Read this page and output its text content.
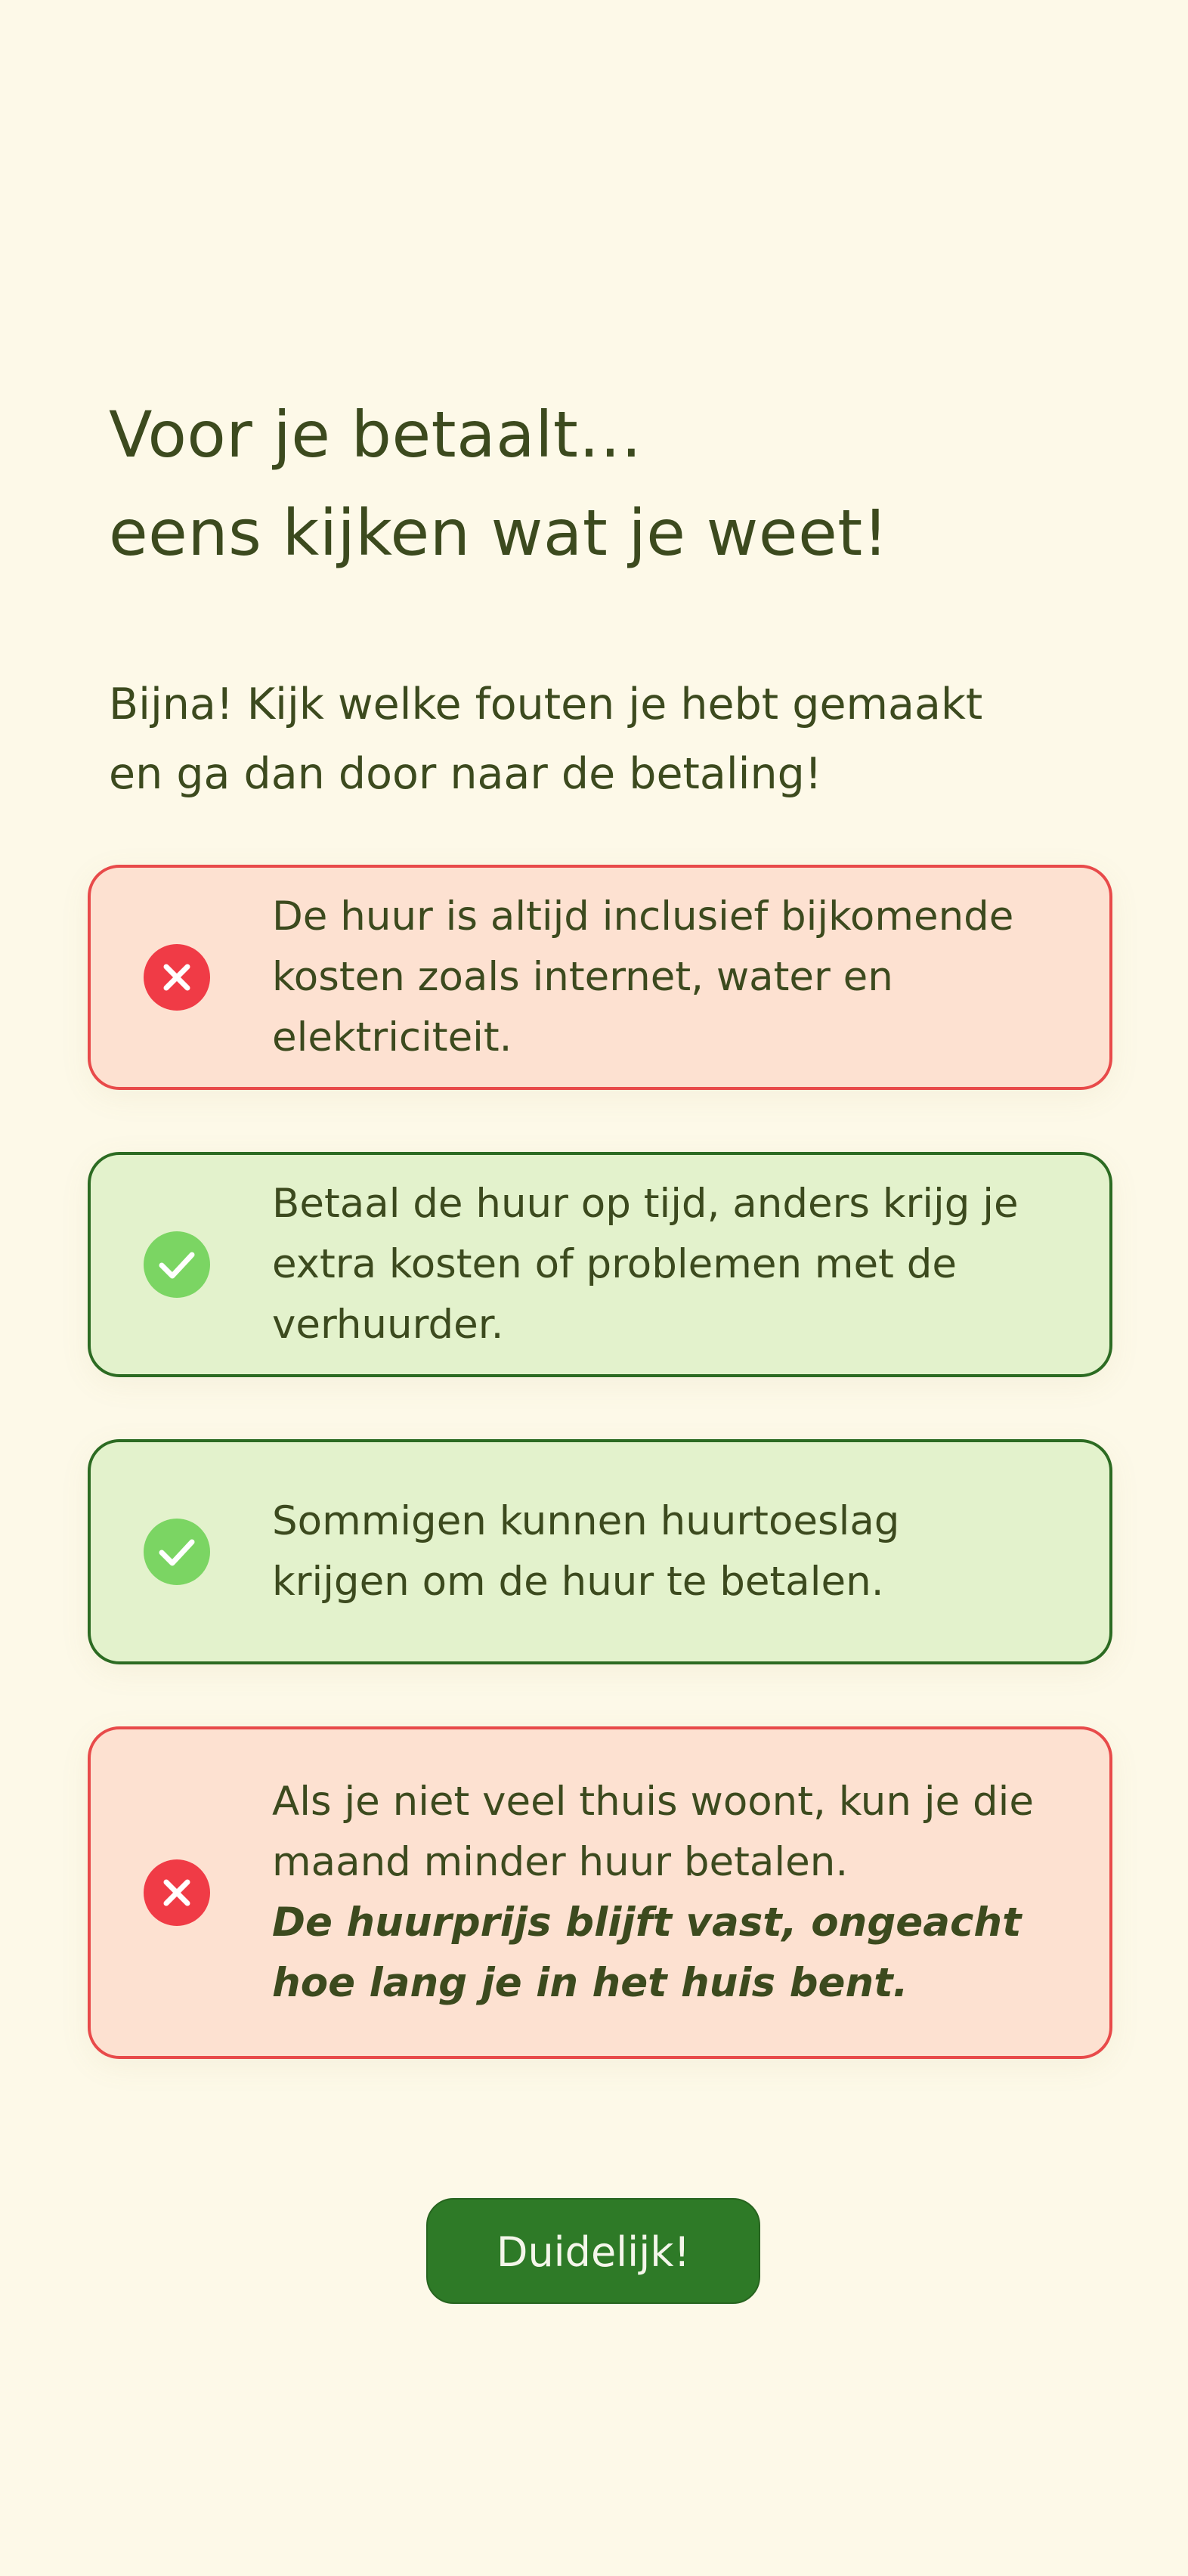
Voor je betaalt…
eens kijken wat je weet!

Bijna! Kijk welke fouten je hebt gemaakt
en ga dan door naar de betaling!

De huur is altijd inclusief bijkomende
kosten zoals internet, water en
elektriciteit.
Betaal de huur op tijd, anders krijg je
extra kosten of problemen met de
verhuurder.
Sommigen kunnen huurtoeslag
krijgen om de huur te betalen.
Als je niet veel thuis woont, kun je die
maand minder huur betalen.
De huurprijs blijft vast, ongeacht
hoe lang je in het huis bent.
Duidelijk!
